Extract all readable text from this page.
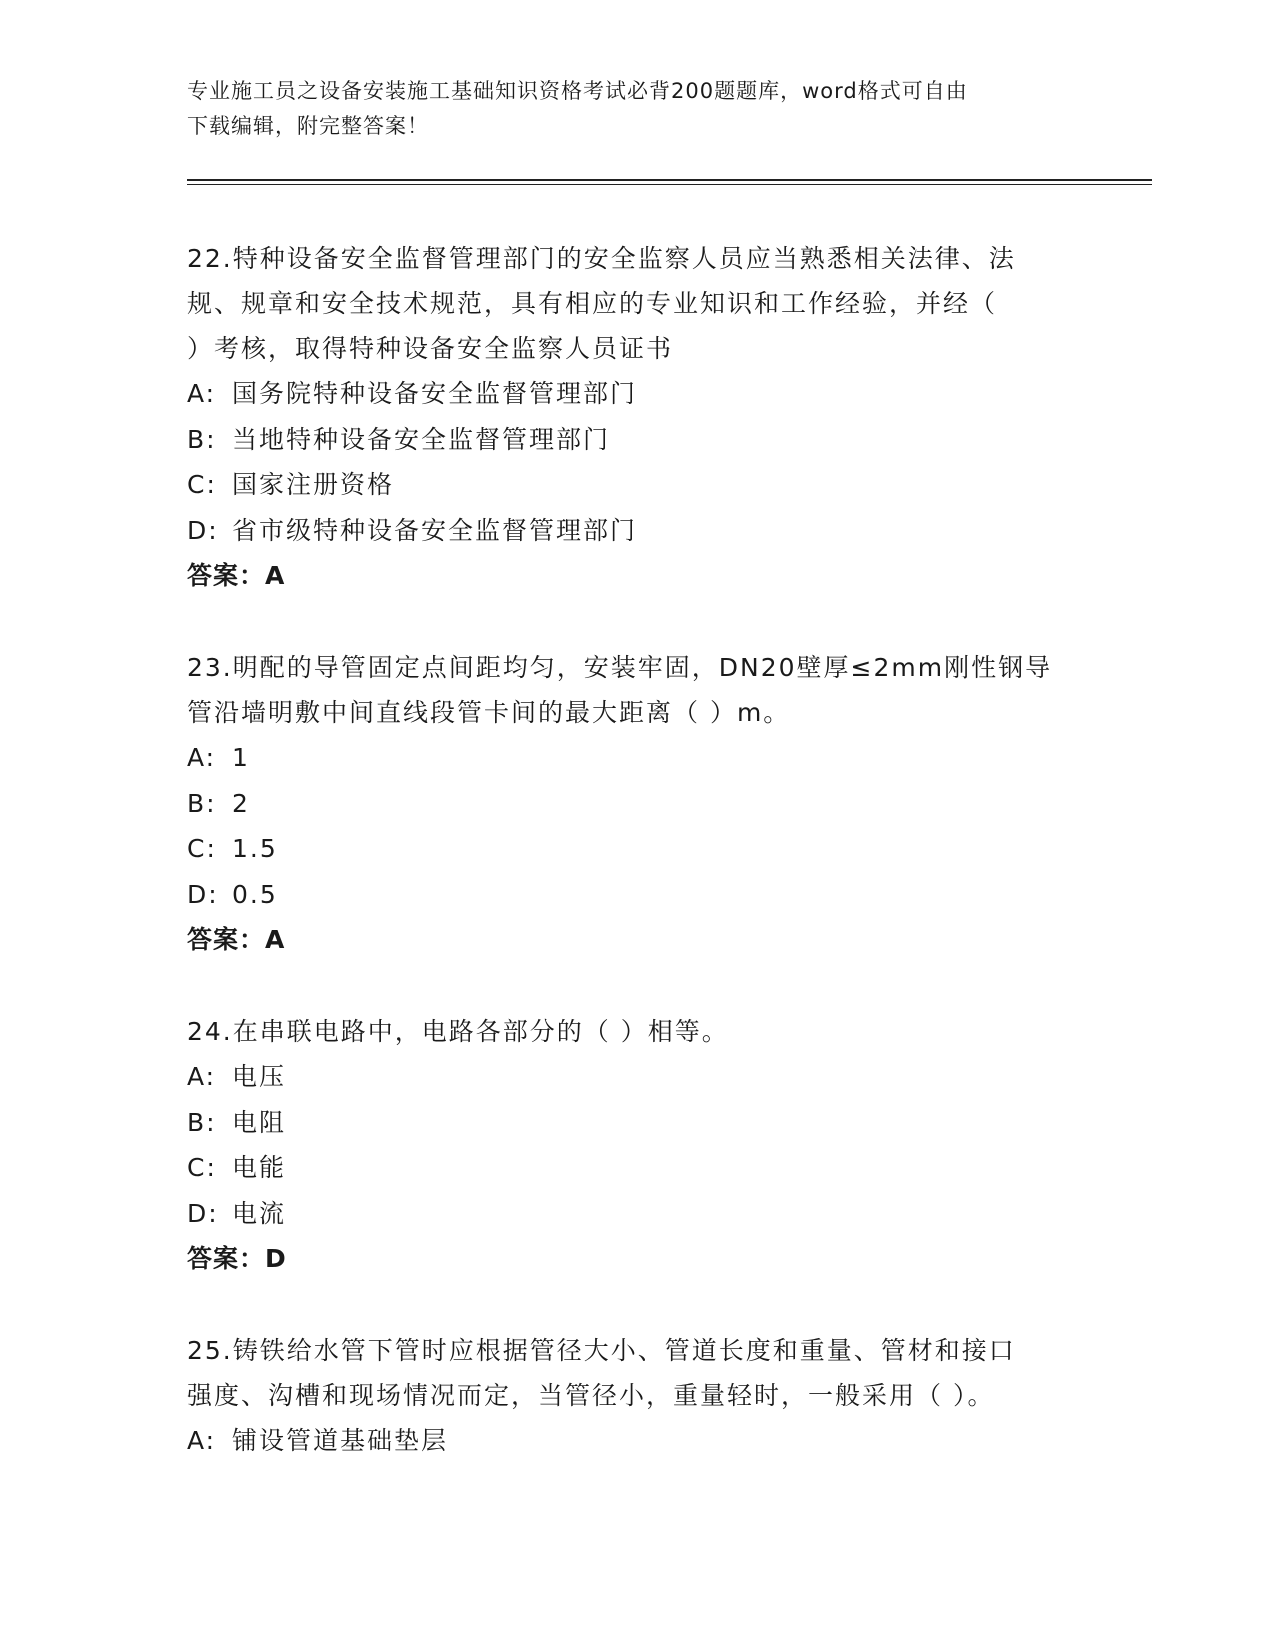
专业施工员之设备安装施工基础知识资格考试必背200题题库，word格式可自由
下载编辑，附完整答案！
22.特种设备安全监督管理部门的安全监察人员应当熟悉相关法律、法
规、规章和安全技术规范，具有相应的专业知识和工作经验，并经（
）考核，取得特种设备安全监察人员证书
A: 国务院特种设备安全监督管理部门
B: 当地特种设备安全监督管理部门
C: 国家注册资格
D: 省市级特种设备安全监督管理部门
答案：A
23.明配的导管固定点间距均匀，安装牢固，DN20壁厚≤2mm刚性钢导
管沿墙明敷中间直线段管卡间的最大距离（ ）m。
A: 1
B: 2
C: 1.5
D: 0.5
答案：A
24.在串联电路中，电路各部分的（ ）相等。
A: 电压
B: 电阻
C: 电能
D: 电流
答案：D
25.铸铁给水管下管时应根据管径大小、管道长度和重量、管材和接口
强度、沟槽和现场情况而定，当管径小，重量轻时，一般采用（ ）。
A: 铺设管道基础垫层
